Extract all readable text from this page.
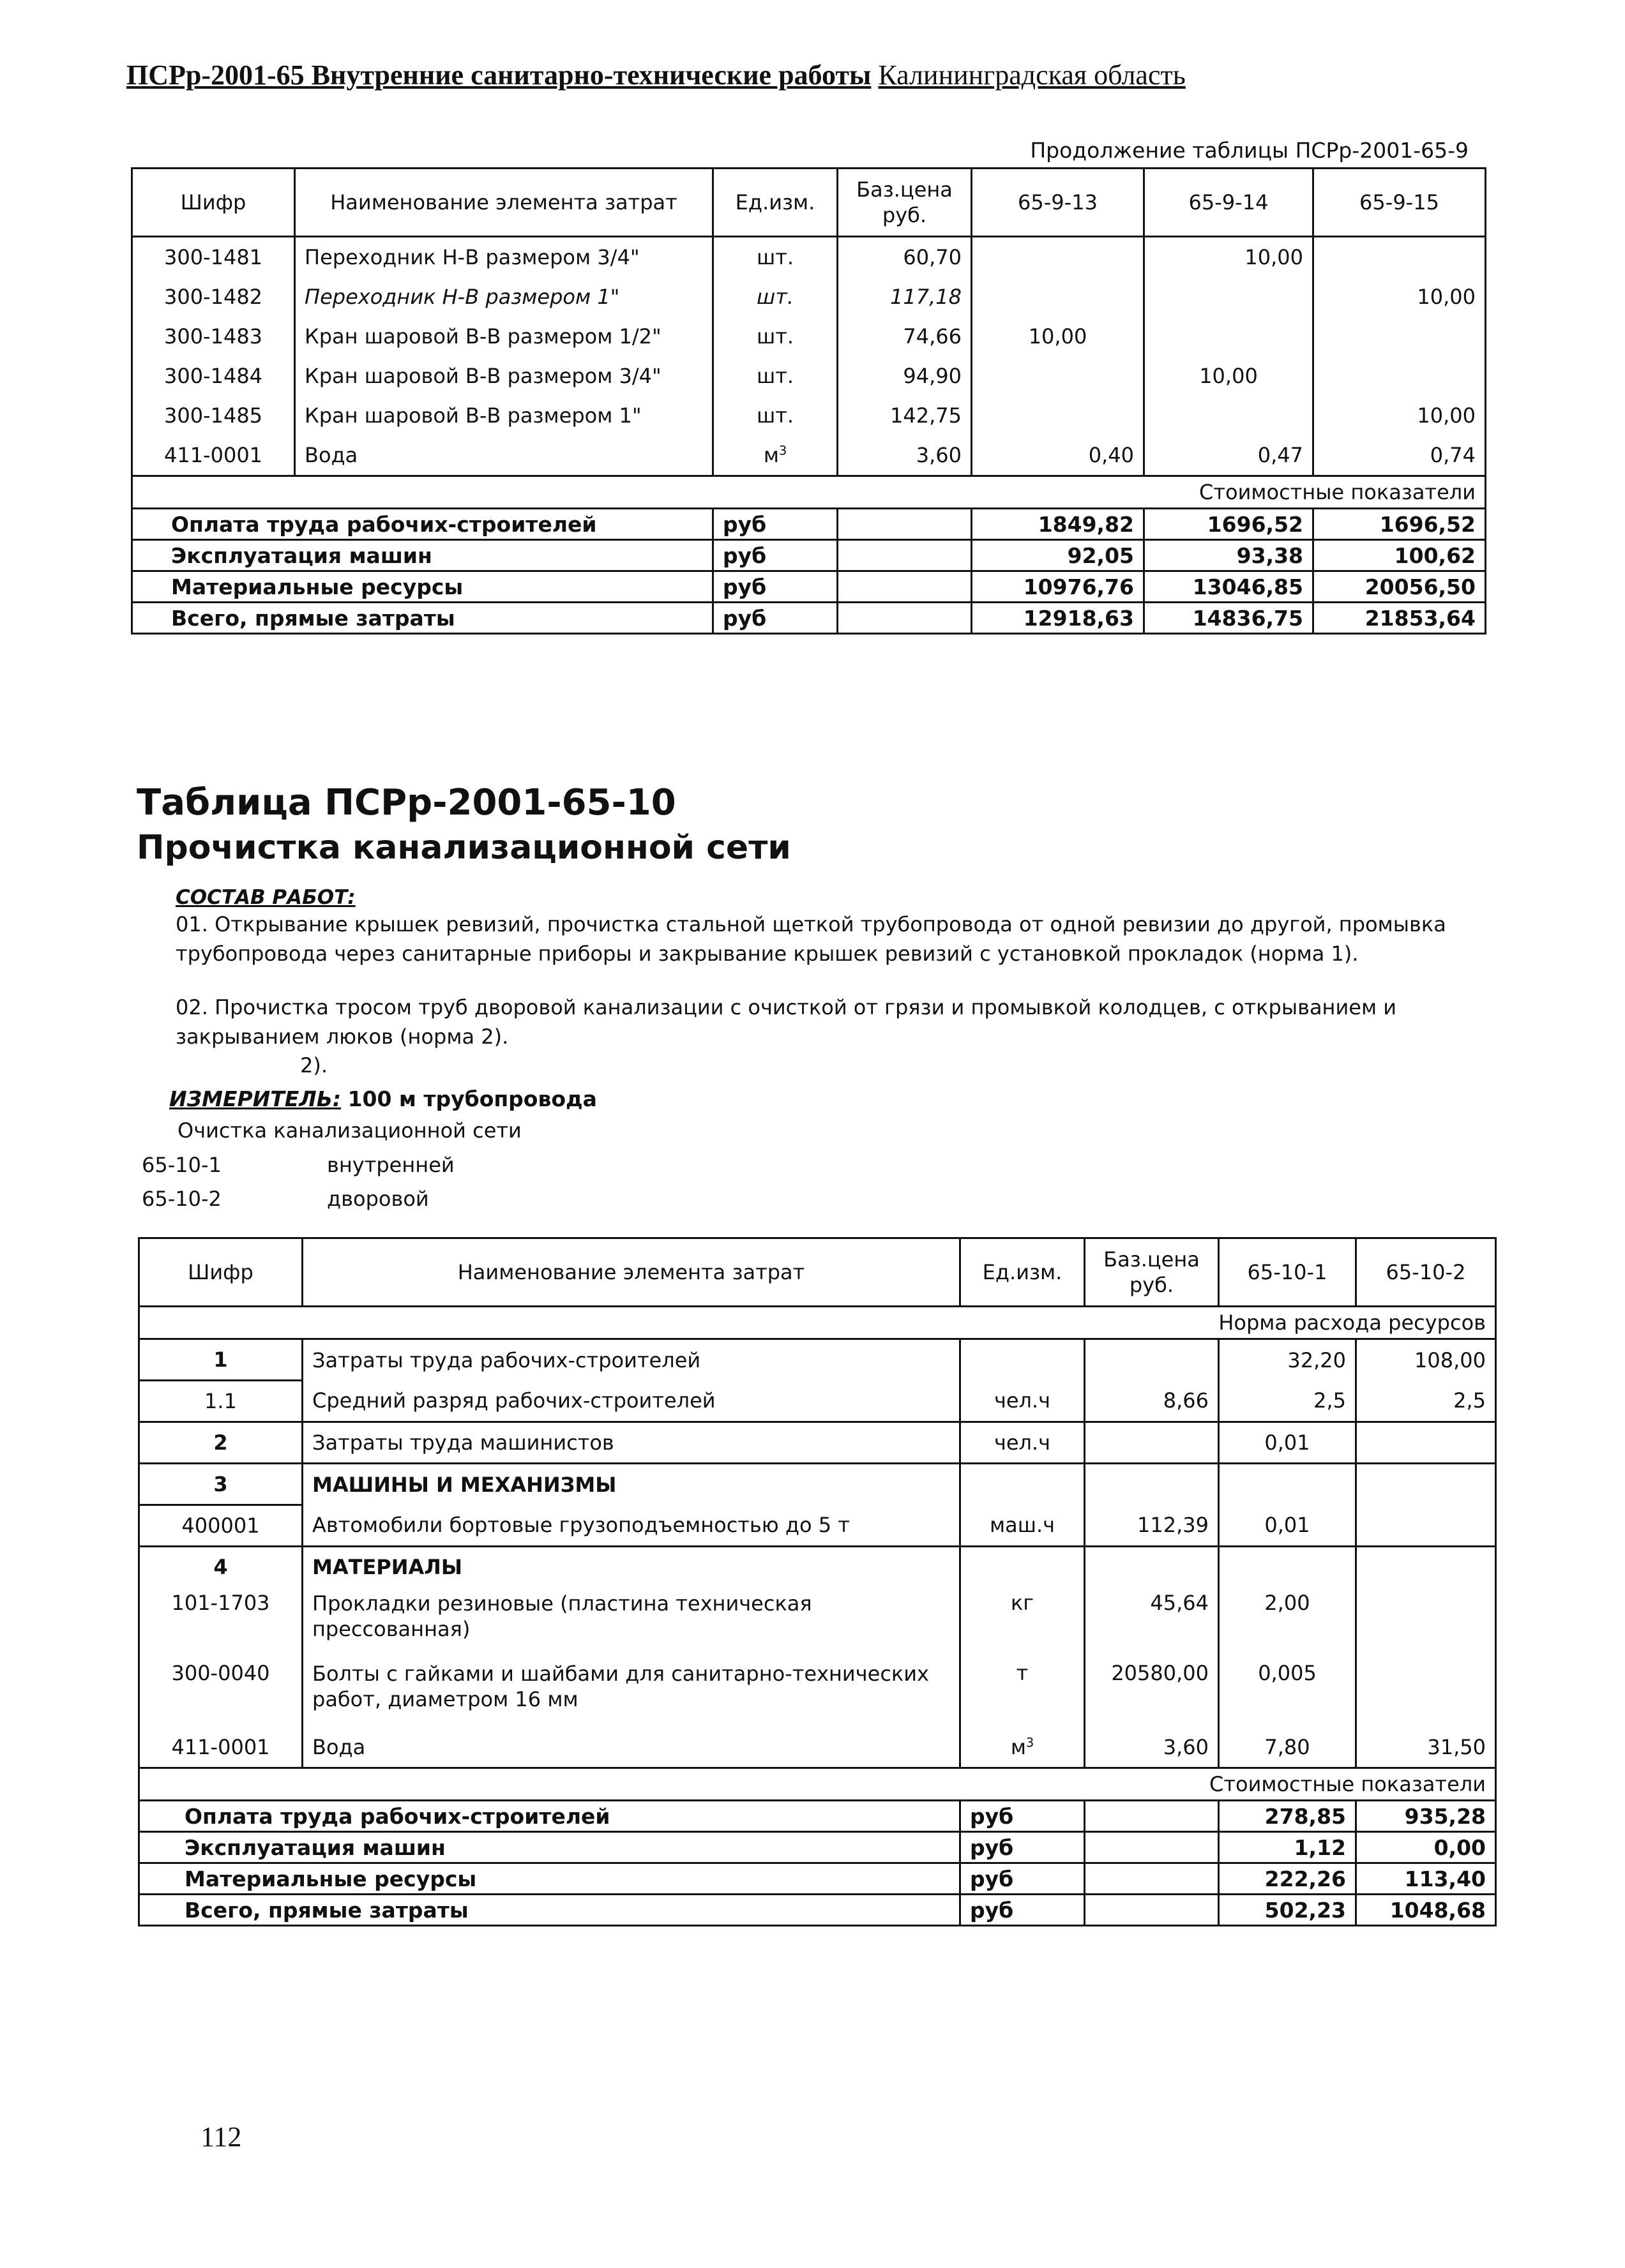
ПСРр-2001-65 Внутренние санитарно-технические работы Калининградская область
Продолжение таблицы ПСРр-2001-65-9
Шифр	Наименование элемента затрат	Ед.изм.	Баз.цена руб.	65-9-13	65-9-14	65-9-15
300-1481	Переходник Н-В размером 3/4"	шт.	60,70		10,00	
300-1482	Переходник Н-В размером 1"	шт.	117,18			10,00
300-1483	Кран шаровой В-В размером 1/2"	шт.	74,66	10,00		
300-1484	Кран шаровой В-В размером 3/4"	шт.	94,90		10,00	
300-1485	Кран шаровой В-В размером 1"	шт.	142,75			10,00
411-0001	Вода	$м^3$	3,60	0,40	0,47	0,74
Стоимостные показатели						
Оплата труда рабочих-строителей		руб		1849,82	1696,52	1696,52
Эксплуатация машин		руб		92,05	93,38	100,62
Материальные ресурсы		руб		10976,76	13046,85	20056,50
Всего, прямые затраты		руб		12918,63	14836,75	21853,64
Таблица ПСРр-2001-65-10
Прочистка канализационной сети
СОСТАВ РАБОТ:
01. Открывание крышек ревизий, прочистка стальной щеткой трубопровода от одной ревизии до другой, промывка трубопровода через санитарные приборы и закрывание крышек ревизий с установкой прокладок (норма 1).
02. Прочистка тросом труб дворовой канализации с очисткой от грязи и промывкой колодцев, с открыванием и закрыванием люков (норма 2).
2).
ИЗМЕРИТЕЛЬ: 100 м трубопровода
Очистка канализационной сети
65-10-1	внутренней
65-10-2	дворовой
Шифр	Наименование элемента затрат	Ед.изм.	Баз.цена руб.	65-10-1	65-10-2
Норма расхода ресурсов					
1	Затраты труда рабочих-строителей			32,20	108,00
1.1	Средний разряд рабочих-строителей	чел.ч	8,66	2,5	2,5
2	Затраты труда машинистов	чел.ч		0,01	
3	МАШИНЫ И МЕХАНИЗМЫ				
400001	Автомобили бортовые грузоподъемностью до 5 т	маш.ч	112,39	0,01	
4	МАТЕРИАЛЫ				
101-1703	Прокладки резиновые (пластина техническая прессованная)	кг	45,64	2,00	
300-0040	Болты с гайками и шайбами для санитарно-технических работ, диаметром 16 мм	т	20580,00	0,005	
411-0001	Вода	$м^3$	3,60	7,80	31,50
Стоимостные показатели					
Оплата труда рабочих-строителей		руб		278,85	935,28
Эксплуатация машин		руб		1,12	0,00
Материальные ресурсы		руб		222,26	113,40
Всего, прямые затраты		руб		502,23	1048,68
112
